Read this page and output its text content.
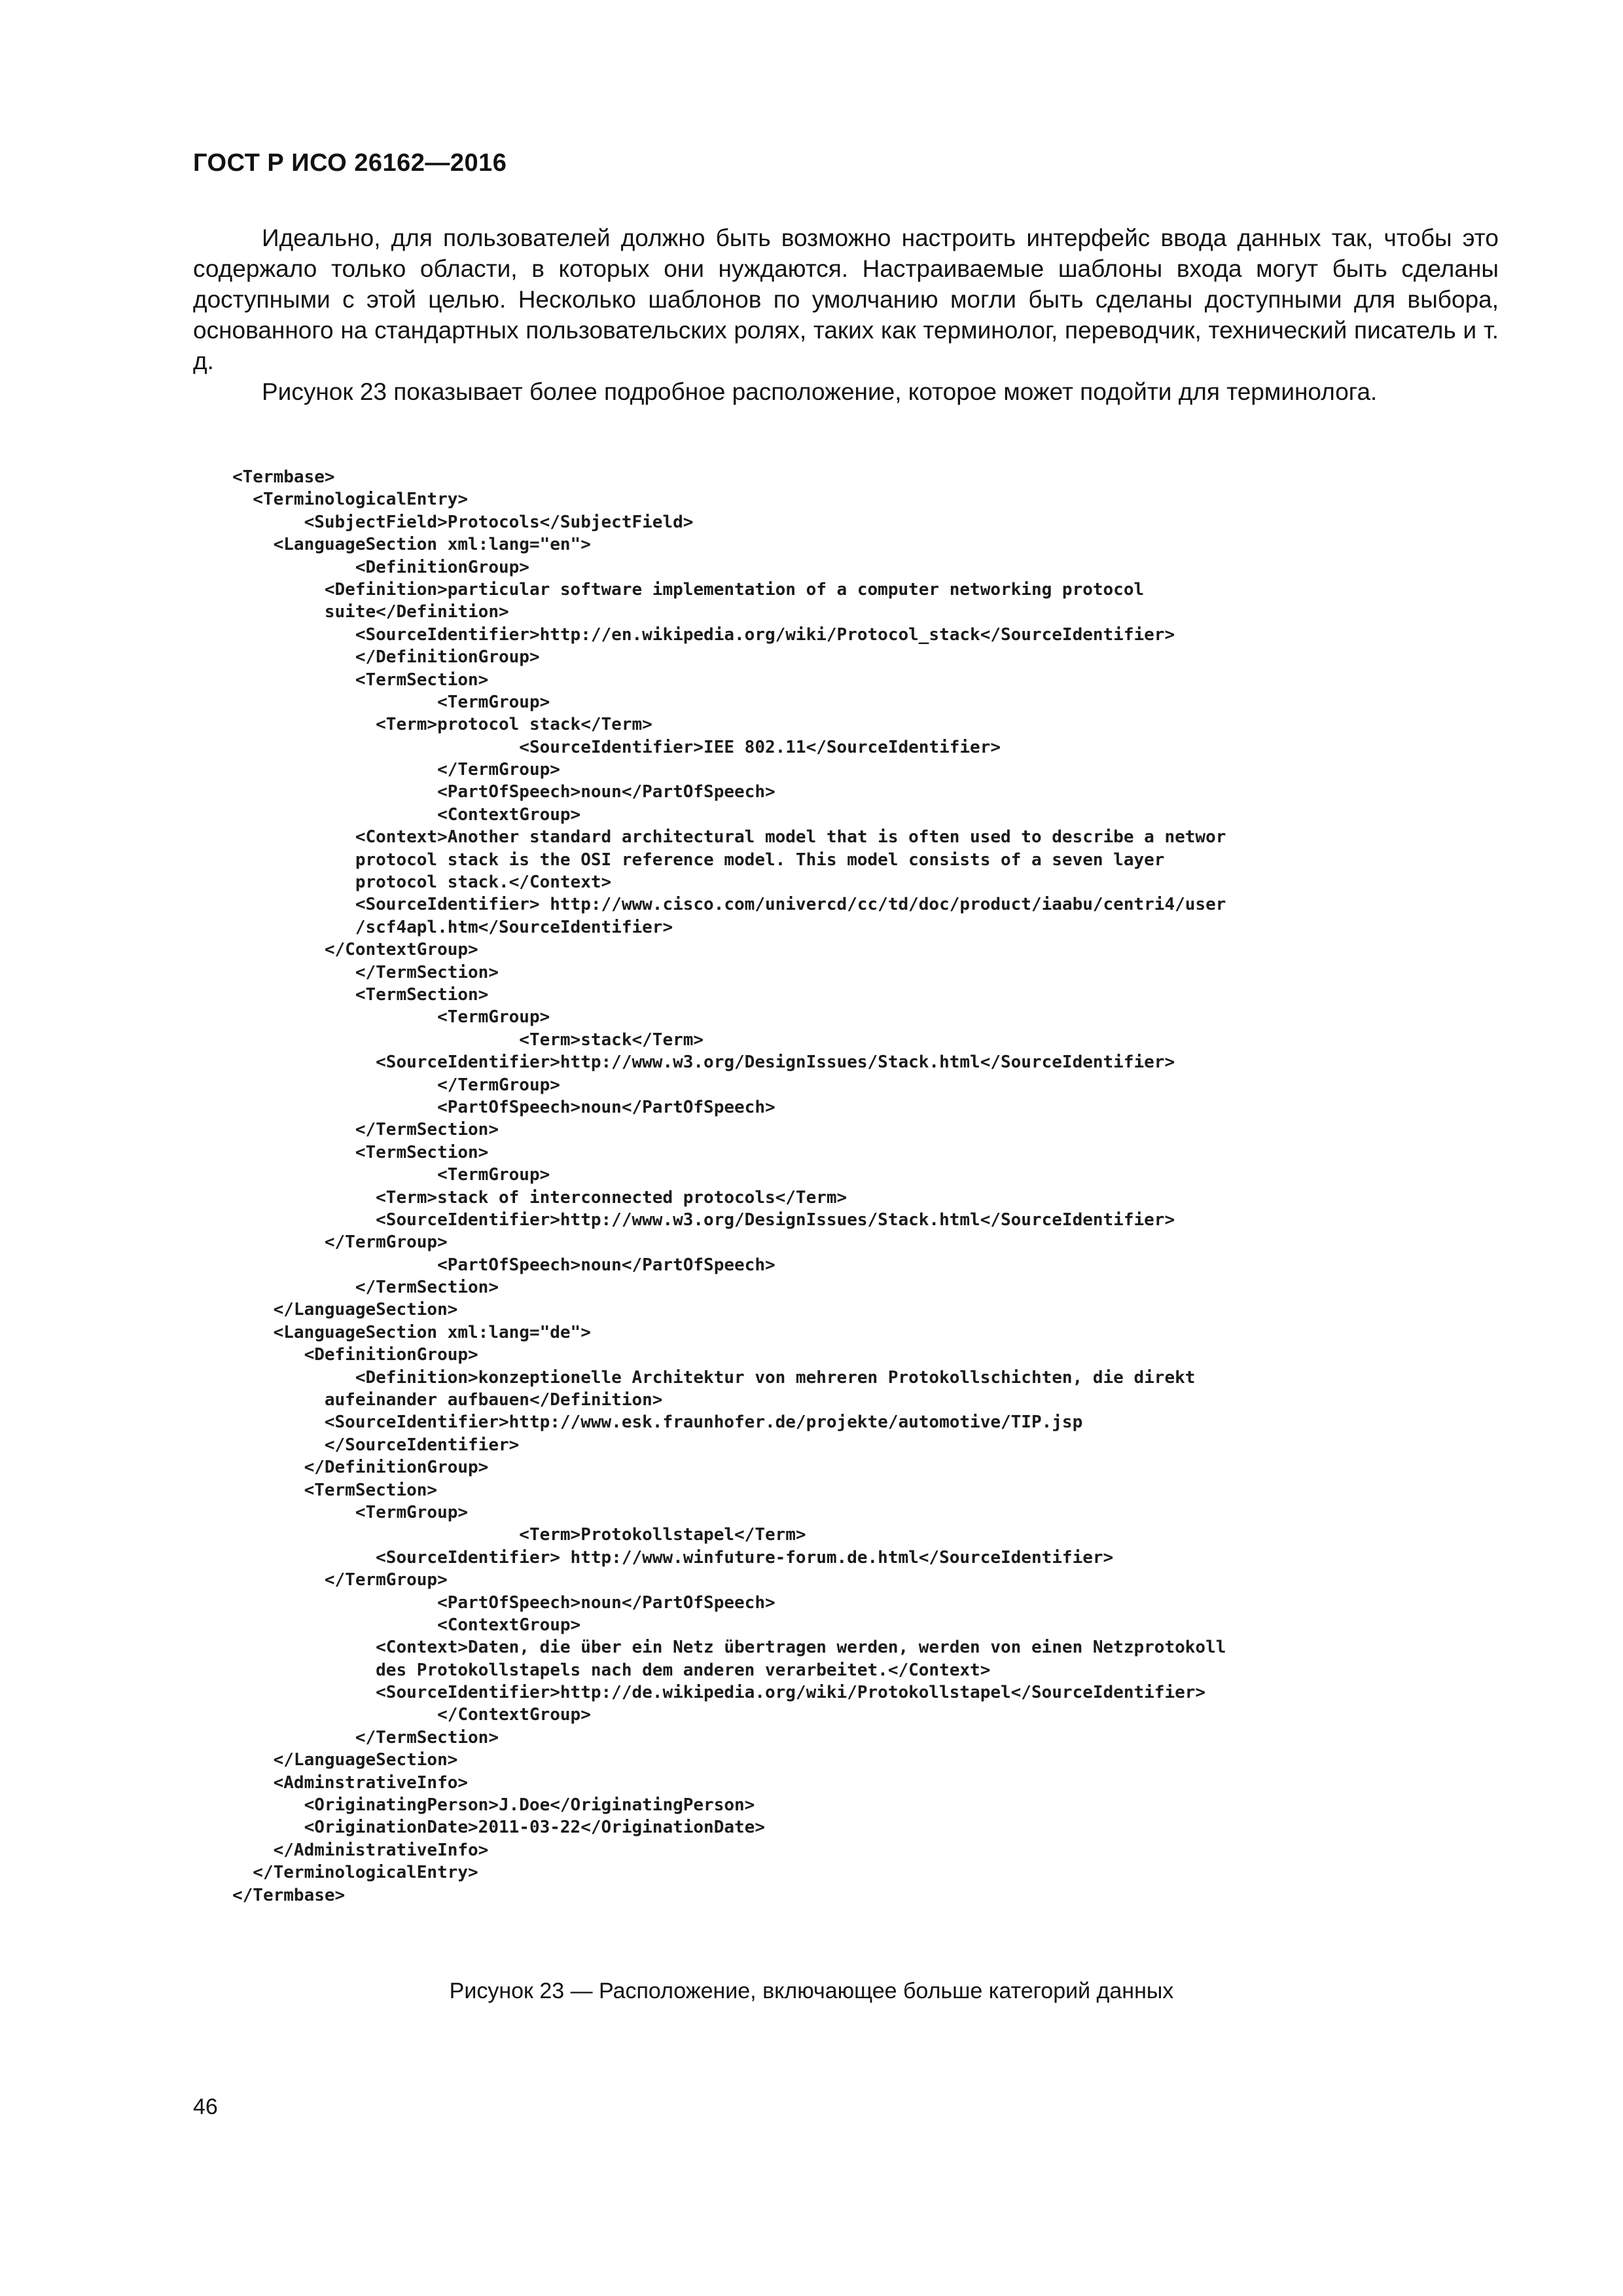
ГОСТ Р ИСО 26162—2016

Идеально, для пользователей должно быть возможно настроить интерфейс ввода данных так, чтобы это содержало только области, в которых они нуждаются. Настраиваемые шаблоны входа могут быть сделаны доступными с этой целью. Несколько шаблонов по умолчанию могли быть сделаны доступными для выбора, основанного на стандартных пользовательских ролях, таких как терминолог, переводчик, технический писатель и т. д.

Рисунок 23 показывает более подробное расположение, которое может подойти для терминолога.

<Termbase>
<TerminologicalEntry>
<SubjectField>Protocols</SubjectField>
<LanguageSection xml:lang="en">
<DefinitionGroup>
<Definition>particular software implementation of a computer networking protocol
suite</Definition>
<SourceIdentifier>http://en.wikipedia.org/wiki/Protocol_stack</SourceIdentifier>
</DefinitionGroup>
<TermSection>
<TermGroup>
<Term>protocol stack</Term>
<SourceIdentifier>IEE 802.11</SourceIdentifier>
</TermGroup>
<PartOfSpeech>noun</PartOfSpeech>
<ContextGroup>
<Context>Another standard architectural model that is often used to describe a networ
protocol stack is the OSI reference model. This model consists of a seven layer
protocol stack.</Context>
<SourceIdentifier> http://www.cisco.com/univercd/cc/td/doc/product/iaabu/centri4/user
/scf4apl.htm</SourceIdentifier>
</ContextGroup>
</TermSection>
<TermSection>
<TermGroup>
<Term>stack</Term>
<SourceIdentifier>http://www.w3.org/DesignIssues/Stack.html</SourceIdentifier>
</TermGroup>
<PartOfSpeech>noun</PartOfSpeech>
</TermSection>
<TermSection>
<TermGroup>
<Term>stack of interconnected protocols</Term>
<SourceIdentifier>http://www.w3.org/DesignIssues/Stack.html</SourceIdentifier>
</TermGroup>
<PartOfSpeech>noun</PartOfSpeech>
</TermSection>
</LanguageSection>
<LanguageSection xml:lang="de">
<DefinitionGroup>
<Definition>konzeptionelle Architektur von mehreren Protokollschichten, die direkt
aufeinander aufbauen</Definition>
<SourceIdentifier>http://www.esk.fraunhofer.de/projekte/automotive/TIP.jsp
</SourceIdentifier>
</DefinitionGroup>
<TermSection>
<TermGroup>
<Term>Protokollstapel</Term>
<SourceIdentifier> http://www.winfuture-forum.de.html</SourceIdentifier>
</TermGroup>
<PartOfSpeech>noun</PartOfSpeech>
<ContextGroup>
<Context>Daten, die über ein Netz übertragen werden, werden von einen Netzprotokoll
des Protokollstapels nach dem anderen verarbeitet.</Context>
<SourceIdentifier>http://de.wikipedia.org/wiki/Protokollstapel</SourceIdentifier>
</ContextGroup>
</TermSection>
</LanguageSection>
<AdminstrativeInfo>
<OriginatingPerson>J.Doe</OriginatingPerson>
<OriginationDate>2011-03-22</OriginationDate>
</AdministrativeInfo>
</TerminologicalEntry>
</Termbase>
Рисунок 23 — Расположение, включающее больше категорий данных
46
